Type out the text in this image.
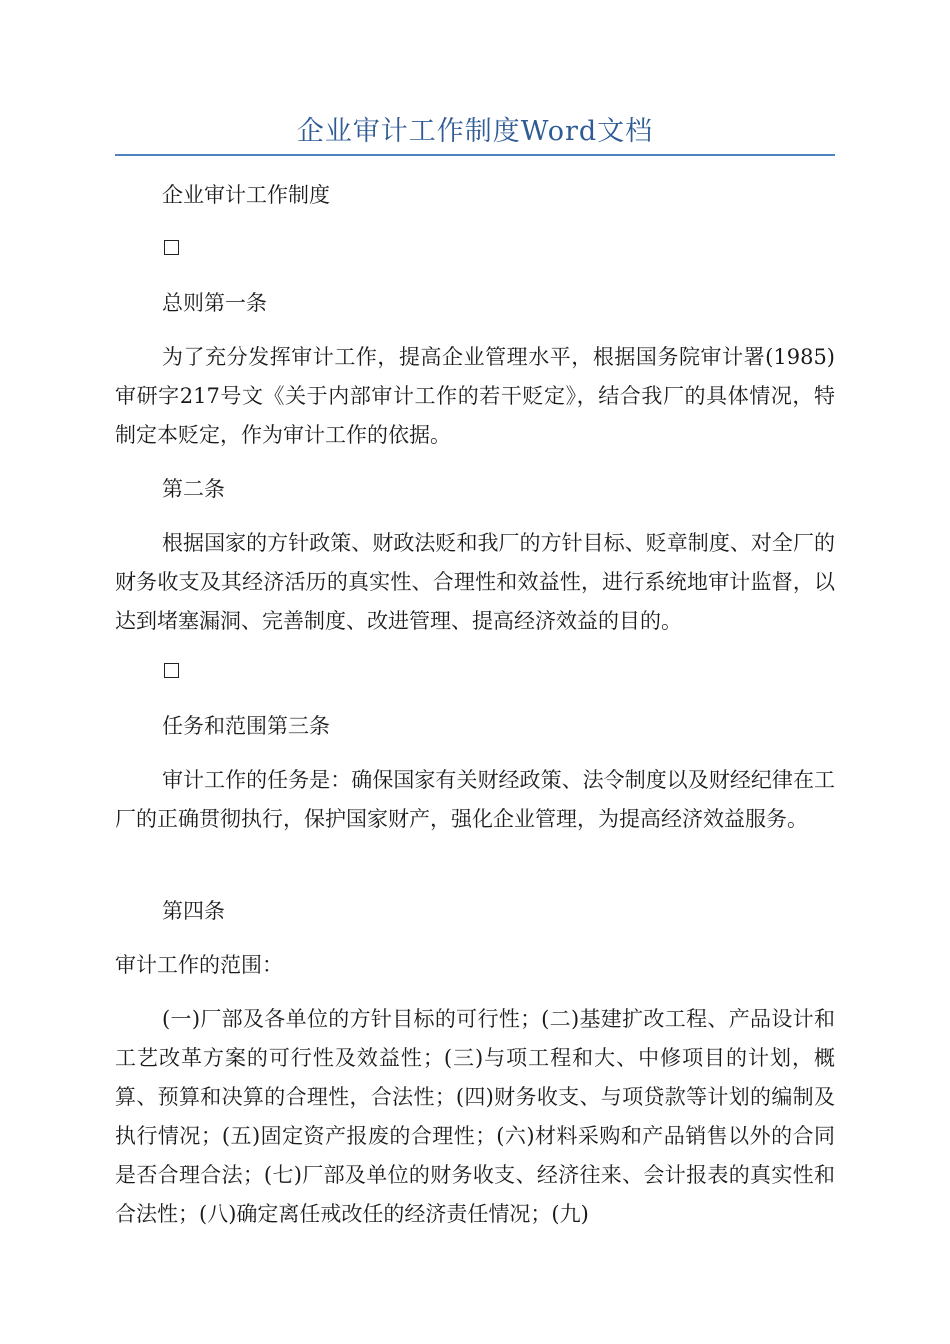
企业审计工作制度Word文档
企业审计工作制度
总则第一条

为了充分发挥审计工作，提高企业管理水平，根据国务院审计署(1985)审研字217号文《关于内部审计工作的若干贬定》，结合我厂的具体情况，特制定本贬定，作为审计工作的依据。

第二条

根据国家的方针政策、财政法贬和我厂的方针目标、贬章制度、对全厂的财务收支及其经济活历的真实性、合理性和效益性，进行系统地审计监督，以达到堵塞漏洞、完善制度、改进管理、提高经济效益的目的。

任务和范围第三条

审计工作的任务是：确保国家有关财经政策、法令制度以及财经纪律在工厂的正确贯彻执行，保护国家财产，强化企业管理，为提高经济效益服务。

第四条
审计工作的范围：

(一)厂部及各单位的方针目标的可行性；(二)基建扩改工程、产品设计和工艺改革方案的可行性及效益性；(三)与项工程和大、中修项目的计划，概算、预算和决算的合理性，合法性；(四)财务收支、与项贷款等计划的编制及执行情况；(五)固定资产报废的合理性；(六)材料采购和产品销售以外的合同是否合理合法；(七)厂部及单位的财务收支、经济往来、会计报表的真实性和合法性；(八)确定离任戒改任的经济责任情况；(九)
